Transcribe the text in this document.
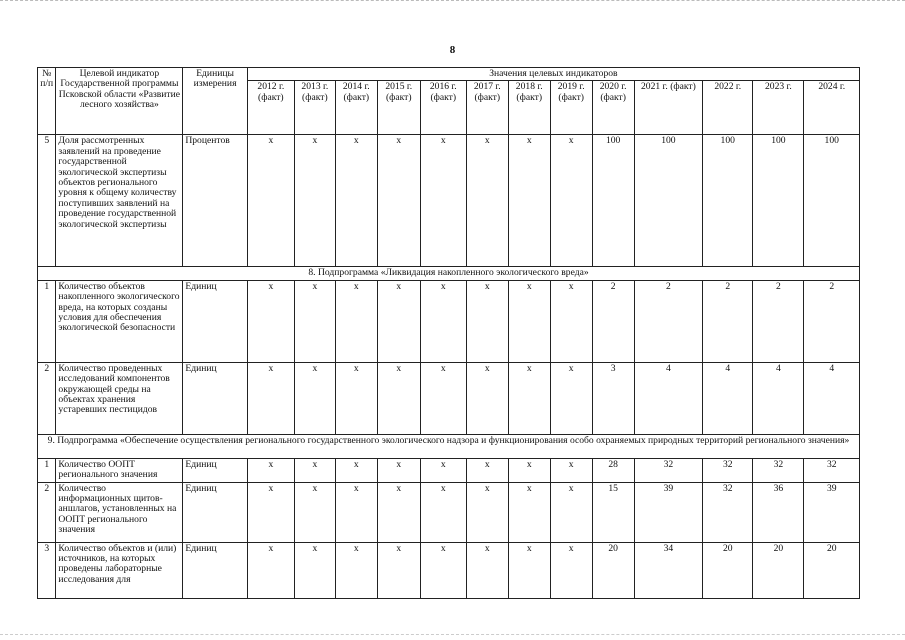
8
№ п/п	Целевой индикатор Государственной программы Псковской области «Развитие лесного хозяйства»	Единицы измерения	Значения целевых индикаторов												
			2012 г. (факт)	2013 г. (факт)	2014 г. (факт)	2015 г. (факт)	2016 г. (факт)	2017 г. (факт)	2018 г. (факт)	2019 г. (факт)	2020 г. (факт)	2021 г. (факт)	2022 г.	2023 г.	2024 г.
5	Доля рассмотренных заявлений на проведение государственной экологической экспертизы объектов регионального уровня к общему количеству поступивших заявлений на проведение государственной экологической экспертизы	Процентов	х	х	х	х	х	х	х	х	100	100	100	100	100
8. Подпрограмма «Ликвидация накопленного экологического вреда»															
1	Количество объектов накопленного экологического вреда, на которых созданы условия для обеспечения экологической безопасности	Единиц	х	х	х	х	х	х	х	х	2	2	2	2	2
2	Количество проведенных исследований компонентов окружающей среды на объектах хранения устаревших пестицидов	Единиц	х	х	х	х	х	х	х	х	3	4	4	4	4
9. Подпрограмма «Обеспечение осуществления регионального государственного экологического надзора и функционирования особо охраняемых природных территорий регионального значения»															
1	Количество ООПТ регионального значения	Единиц	х	х	х	х	х	х	х	х	28	32	32	32	32
2	Количество информационных щитов-аншлагов, установленных на ООПТ регионального значения	Единиц	х	х	х	х	х	х	х	х	15	39	32	36	39
3	Количество объектов и (или) источников, на которых проведены лабораторные исследования для	Единиц	х	х	х	х	х	х	х	х	20	34	20	20	20
